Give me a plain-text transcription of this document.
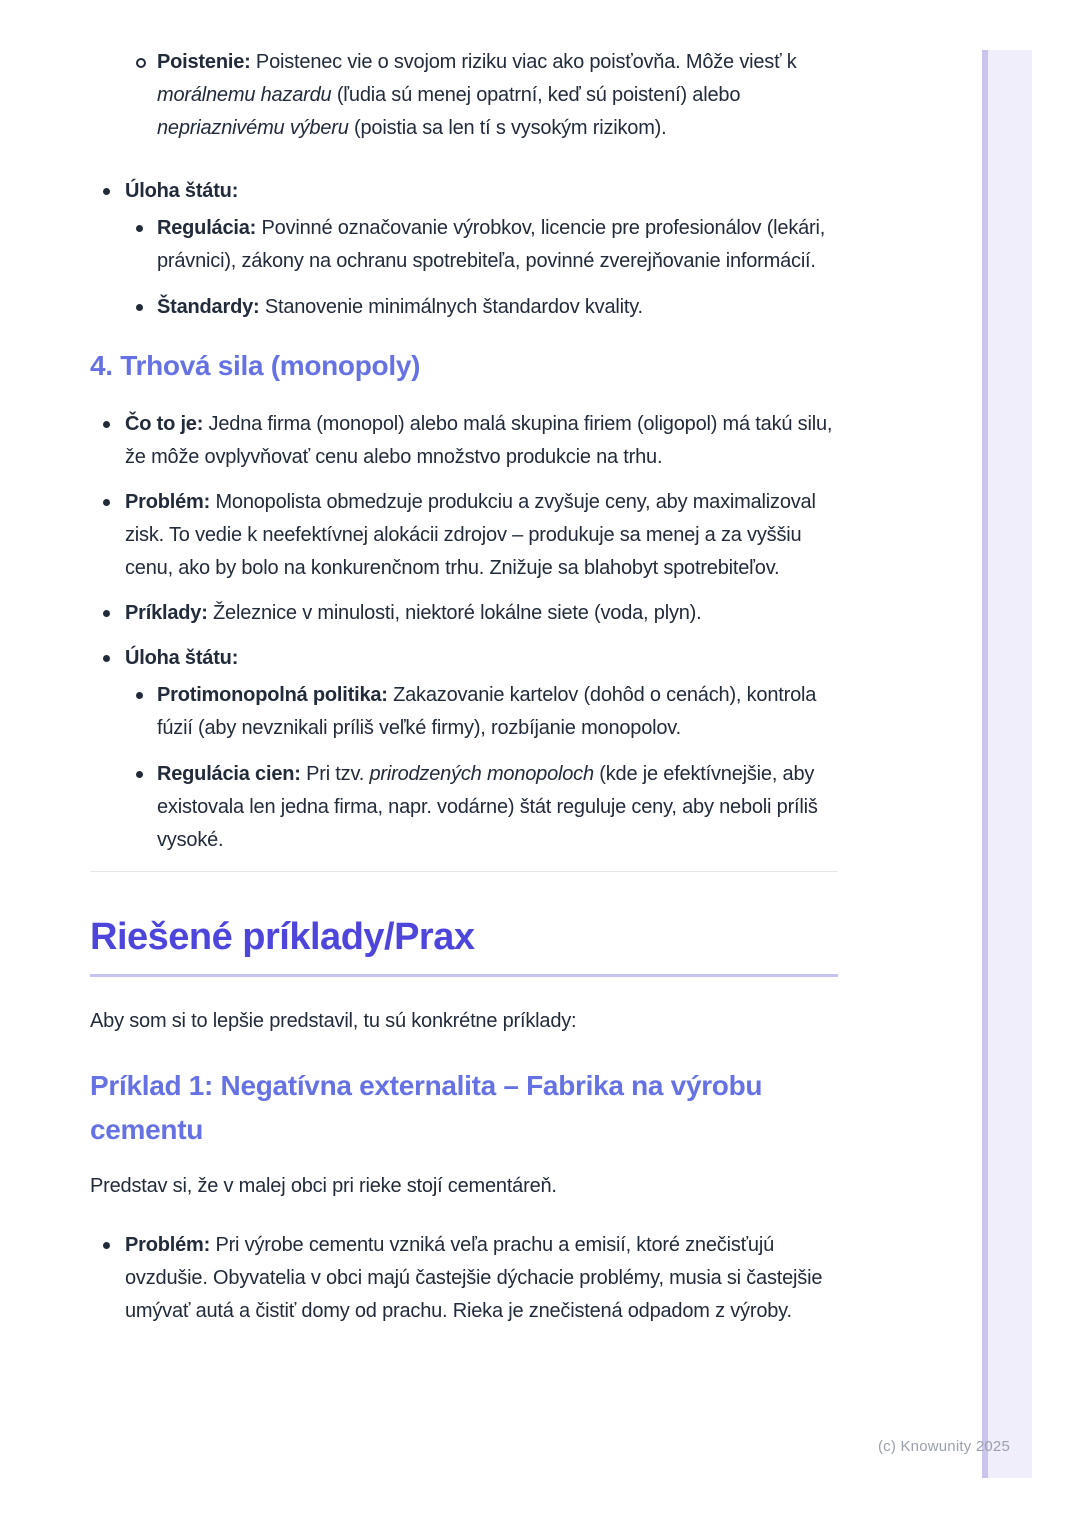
Poistenie: Poistenec vie o svojom riziku viac ako poisťovňa. Môže viesť k morálnemu hazardu (ľudia sú menej opatrní, keď sú poistení) alebo nepriaznivému výberu (poistia sa len tí s vysokým rizikom).
Úloha štátu:
Regulácia: Povinné označovanie výrobkov, licencie pre profesionálov (lekári, právnici), zákony na ochranu spotrebiteľa, povinné zverejňovanie informácií.
Štandardy: Stanovenie minimálnych štandardov kvality.
4. Trhová sila (monopoly)
Čo to je: Jedna firma (monopol) alebo malá skupina firiem (oligopol) má takú silu, že môže ovplyvňovať cenu alebo množstvo produkcie na trhu.
Problém: Monopolista obmedzuje produkciu a zvyšuje ceny, aby maximalizoval zisk. To vedie k neefektívnej alokácii zdrojov – produkuje sa menej a za vyššiu cenu, ako by bolo na konkurenčnom trhu. Znižuje sa blahobyt spotrebiteľov.
Príklady: Železnice v minulosti, niektoré lokálne siete (voda, plyn).
Úloha štátu:
Protimonopolná politika: Zakazovanie kartelov (dohôd o cenách), kontrola fúzií (aby nevznikali príliš veľké firmy), rozbíjanie monopolov.
Regulácia cien: Pri tzv. prirodzených monopoloch (kde je efektívnejšie, aby existovala len jedna firma, napr. vodárne) štát reguluje ceny, aby neboli príliš vysoké.
Riešené príklady/Prax

Aby som si to lepšie predstavil, tu sú konkrétne príklady:

Príklad 1: Negatívna externalita – Fabrika na výrobu cementu

Predstav si, že v malej obci pri rieke stojí cementáreň.

Problém: Pri výrobe cementu vzniká veľa prachu a emisií, ktoré znečisťujú ovzdušie. Obyvatelia v obci majú častejšie dýchacie problémy, musia si častejšie umývať autá a čistiť domy od prachu. Rieka je znečistená odpadom z výroby.
(c) Knowunity 2025
